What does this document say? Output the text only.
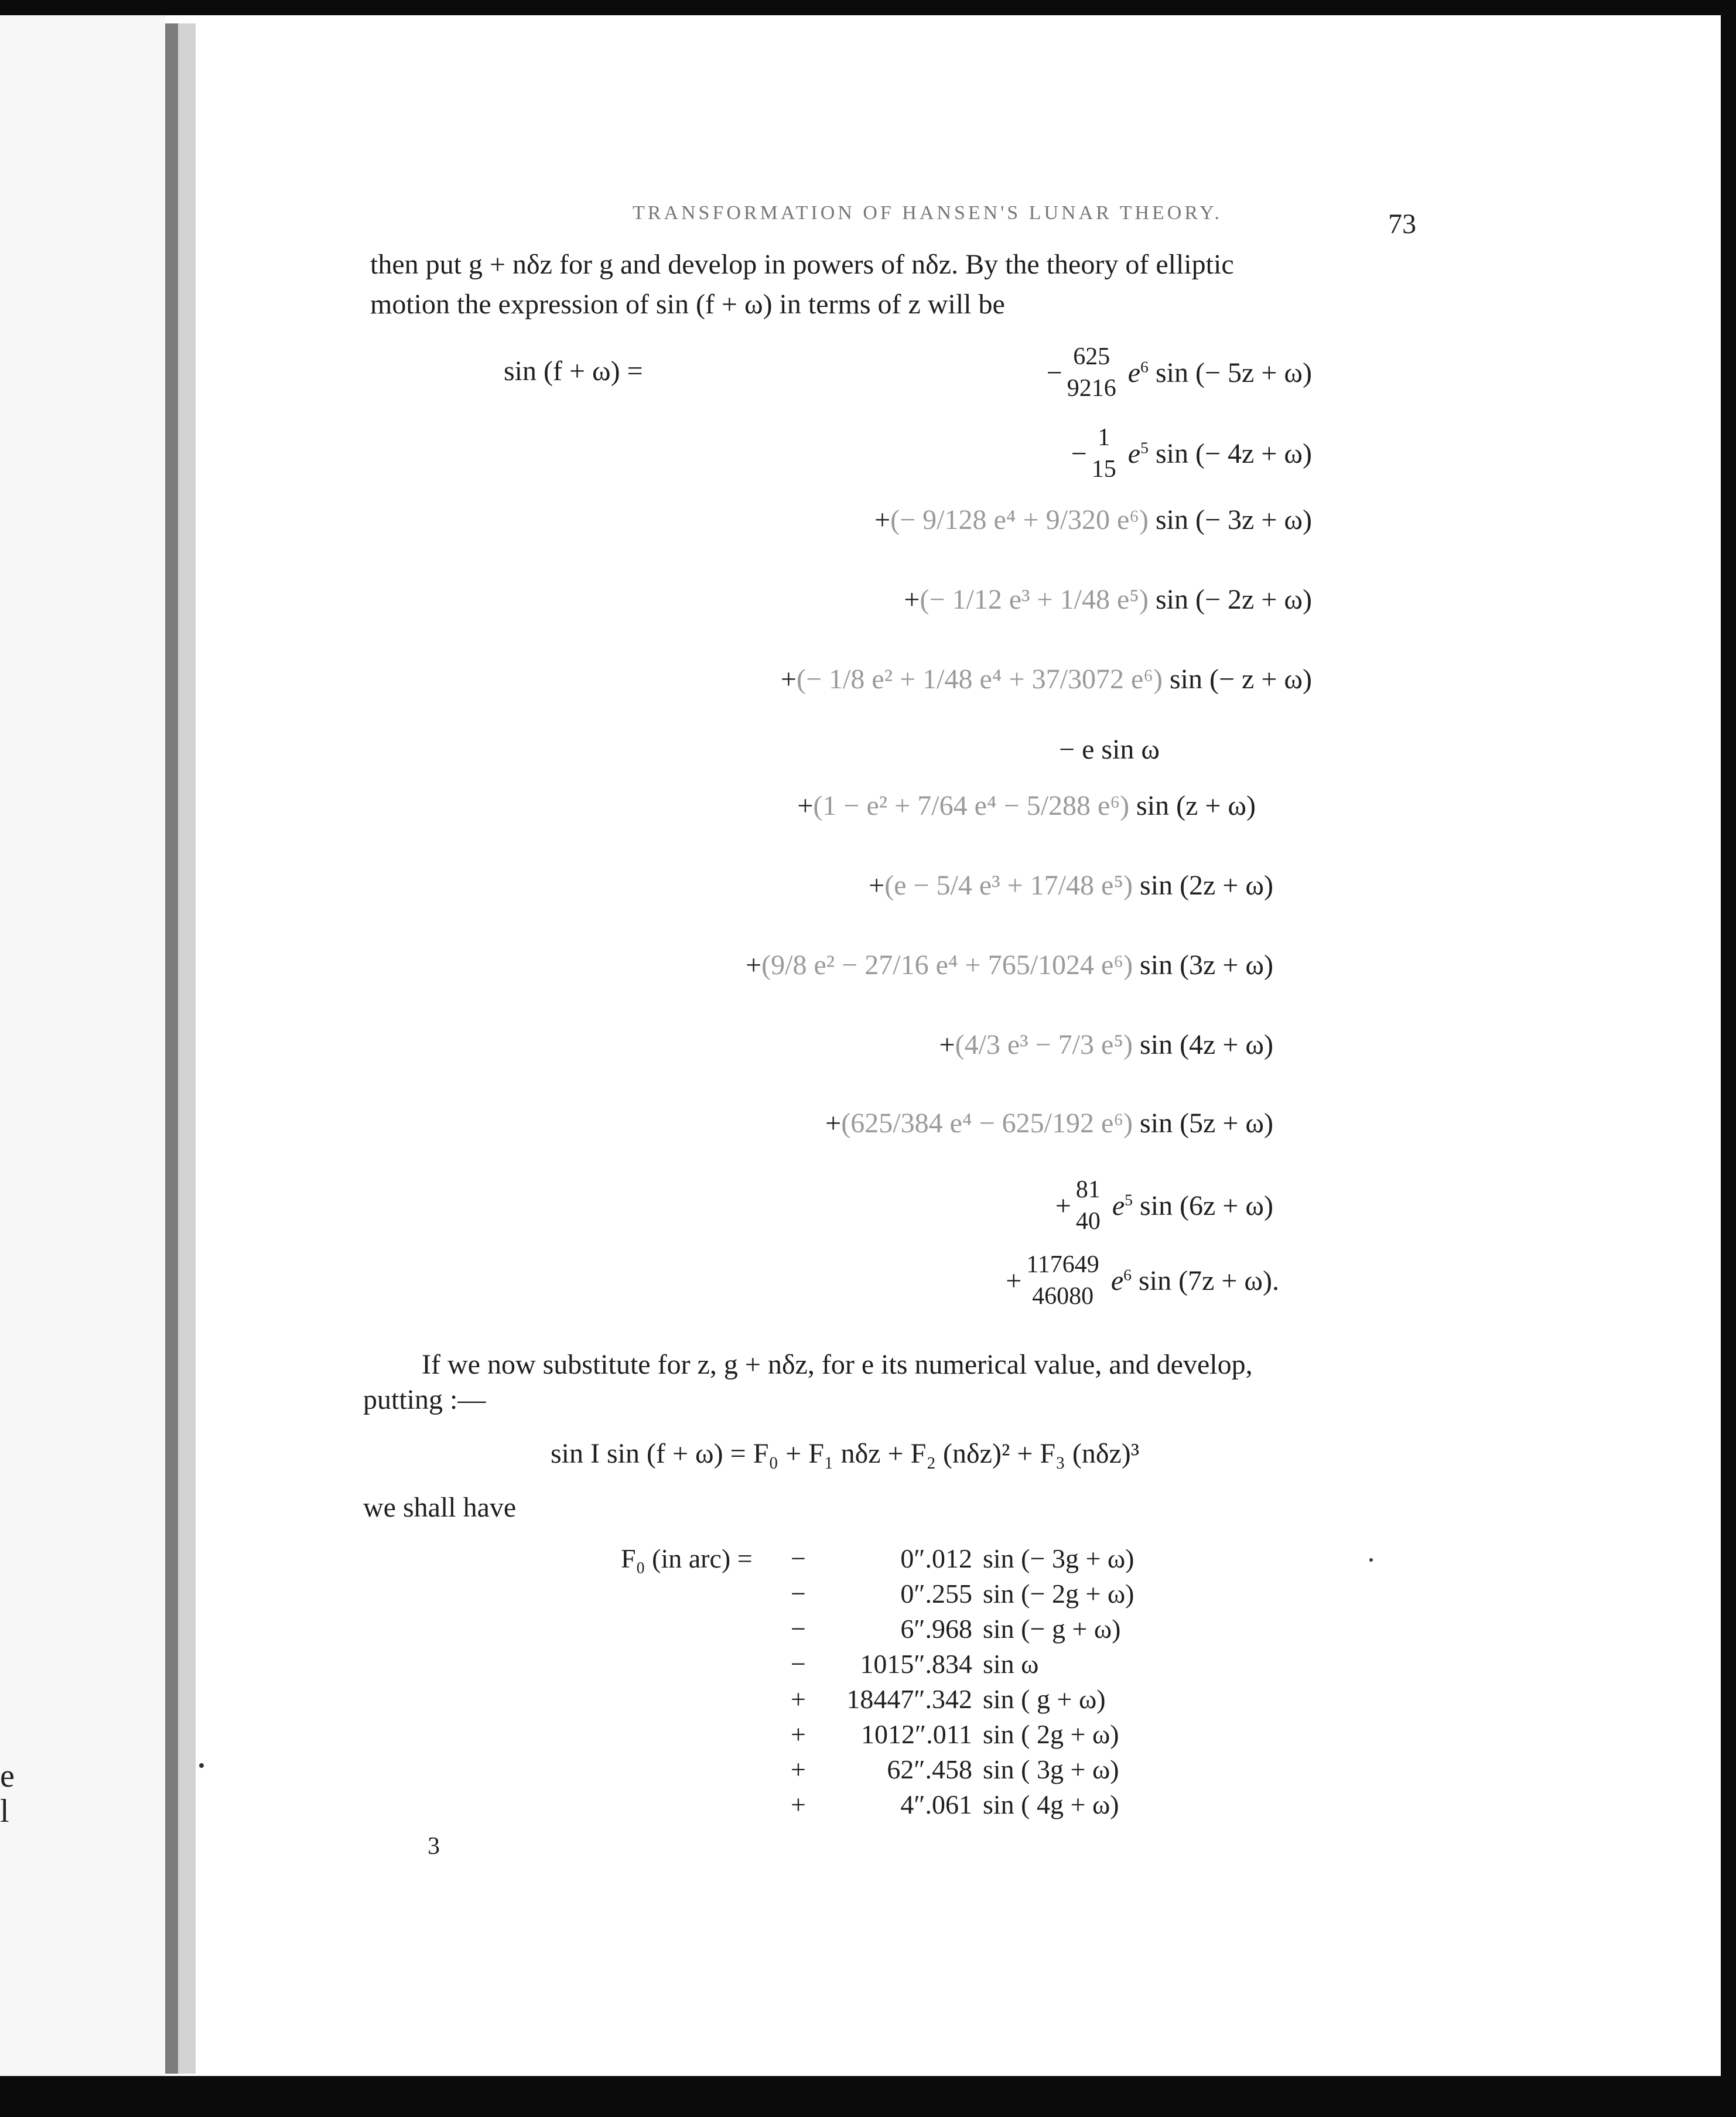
e
l
TRANSFORMATION OF HANSEN'S LUNAR THEORY.	73
then put g + nδz for g and develop in powers of nδz. By the theory of elliptic
motion the expression of sin (f + ω) in terms of z will be
sin (f + ω) =	−
625
9216
$e^6$ sin (− 5z + ω)
−
1
15
$e^5$ sin (− 4z + ω)
+ (− 9/128 e⁴ + 9/320 e⁶)
sin (− 3z + ω)
+ (− 1/12 e³ + 1/48 e⁵)
sin (− 2z + ω)
+ (− 1/8 e² + 1/48 e⁴ + 37/3072 e⁶)
sin (− z + ω)
−
e sin ω
+ (1 − e² + 7/64 e⁴ − 5/288 e⁶)
sin (z + ω)
+ (e − 5/4 e³ + 17/48 e⁵)
sin (2z + ω)
+ (9/8 e² − 27/16 e⁴ + 765/1024 e⁶)
sin (3z + ω)
+ (4/3 e³ − 7/3 e⁵)
sin (4z + ω)
+ (625/384 e⁴ − 625/192 e⁶)
sin (5z + ω)
+
81
40
$e^5$ sin (6z + ω)
+
117649
46080
$e^6$ sin (7z + ω).
If we now substitute for z, g + nδz, for e its numerical value, and develop,
putting :—
sin I sin (f + ω) = F₀ + F₁ nδz + F₂ (nδz)² + F₃ (nδz)³
we shall have
F₀ (in arc) = −	0″.012 sin (− 3g + ω)
−	0″.255 sin (− 2g + ω)
−	6″.968 sin (− g + ω)
−	1015″.834 sin ω
+	18447″.342 sin ( g + ω)
+	1012″.011 sin ( 2g + ω)
+	62″.458 sin ( 3g + ω)
+	4″.061 sin ( 4g + ω)
3
